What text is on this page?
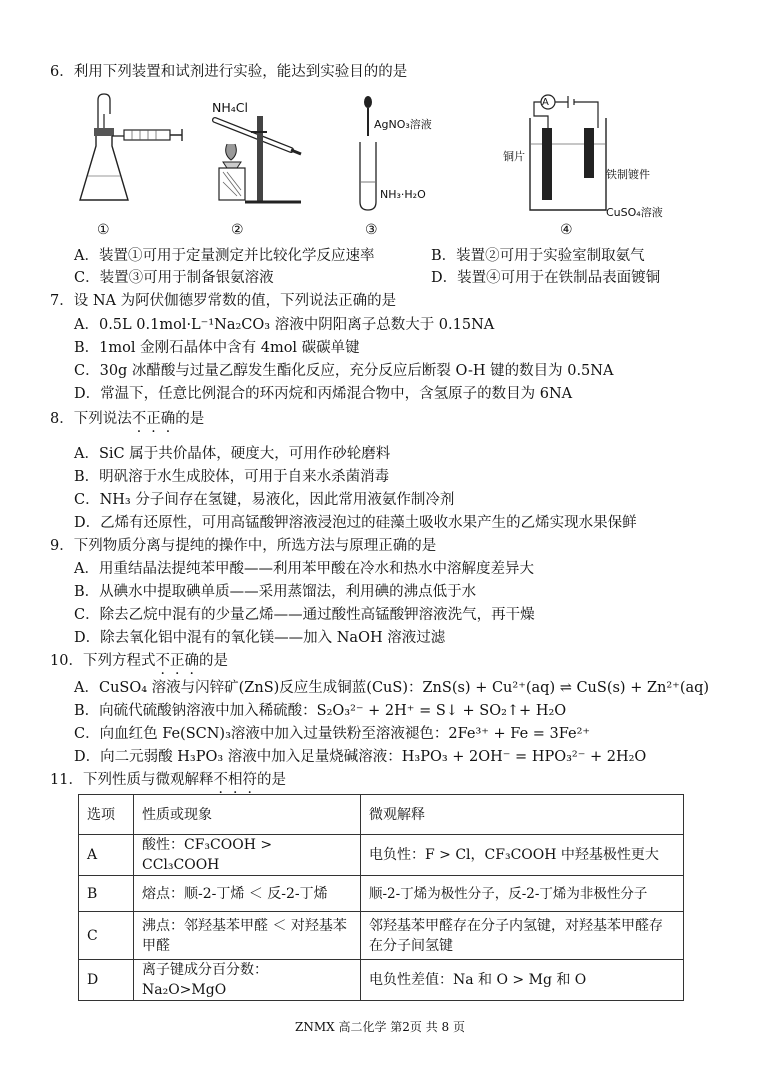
6．利用下列装置和试剂进行实验，能达到实验目的的是
①
NH₄Cl
②
AgNO₃溶液
NH₃·H₂O
③
A
铜片
铁制镀件
CuSO₄溶液
④
A．装置①可用于定量测定并比较化学反应速率	B．装置②可用于实验室制取氨气
C．装置③可用于制备银氨溶液	D．装置④可用于在铁制品表面镀铜
7．设 NA 为阿伏伽德罗常数的值，下列说法正确的是
A．0.5L 0.1mol·L⁻¹Na₂CO₃ 溶液中阴阳离子总数大于 0.15NA
B．1mol 金刚石晶体中含有 4mol 碳碳单键
C．30g 冰醋酸与过量乙醇发生酯化反应，充分反应后断裂 O-H 键的数目为 0.5NA
D．常温下，任意比例混合的环丙烷和丙烯混合物中，含氢原子的数目为 6NA
8．下列说法不正确的是
A．SiC 属于共价晶体，硬度大，可用作砂轮磨料
B．明矾溶于水生成胶体，可用于自来水杀菌消毒
C．NH₃ 分子间存在氢键，易液化，因此常用液氨作制冷剂
D．乙烯有还原性，可用高锰酸钾溶液浸泡过的硅藻土吸收水果产生的乙烯实现水果保鲜
9．下列物质分离与提纯的操作中，所选方法与原理正确的是
A．用重结晶法提纯苯甲酸——利用苯甲酸在冷水和热水中溶解度差异大
B．从碘水中提取碘单质——采用蒸馏法，利用碘的沸点低于水
C．除去乙烷中混有的少量乙烯——通过酸性高锰酸钾溶液洗气，再干燥
D．除去氧化铝中混有的氧化镁——加入 NaOH 溶液过滤
10．下列方程式不正确的是
A．CuSO₄ 溶液与闪锌矿(ZnS)反应生成铜蓝(CuS)：ZnS(s) + Cu²⁺(aq) ⇌ CuS(s) + Zn²⁺(aq)
B．向硫代硫酸钠溶液中加入稀硫酸：S₂O₃²⁻ + 2H⁺ = S↓ + SO₂↑+ H₂O
C．向血红色 Fe(SCN)₃溶液中加入过量铁粉至溶液褪色：2Fe³⁺ + Fe = 3Fe²⁺
D．向二元弱酸 H₃PO₃ 溶液中加入足量烧碱溶液：H₃PO₃ + 2OH⁻ = HPO₃²⁻ + 2H₂O
11．下列性质与微观解释不相符的是
选项	性质或现象	微观解释
A	酸性：CF₃COOH > CCl₃COOH	电负性：F > Cl，CF₃COOH 中羟基极性更大
B	熔点：顺-2-丁烯 ＜ 反-2-丁烯	顺-2-丁烯为极性分子，反-2-丁烯为非极性分子
C	沸点：邻羟基苯甲醛 ＜ 对羟基苯甲醛	邻羟基苯甲醛存在分子内氢键，对羟基苯甲醛存在分子间氢键
D	离子键成分百分数：Na₂O>MgO	电负性差值：Na 和 O > Mg 和 O
ZNMX 高二化学 第2页 共 8 页
